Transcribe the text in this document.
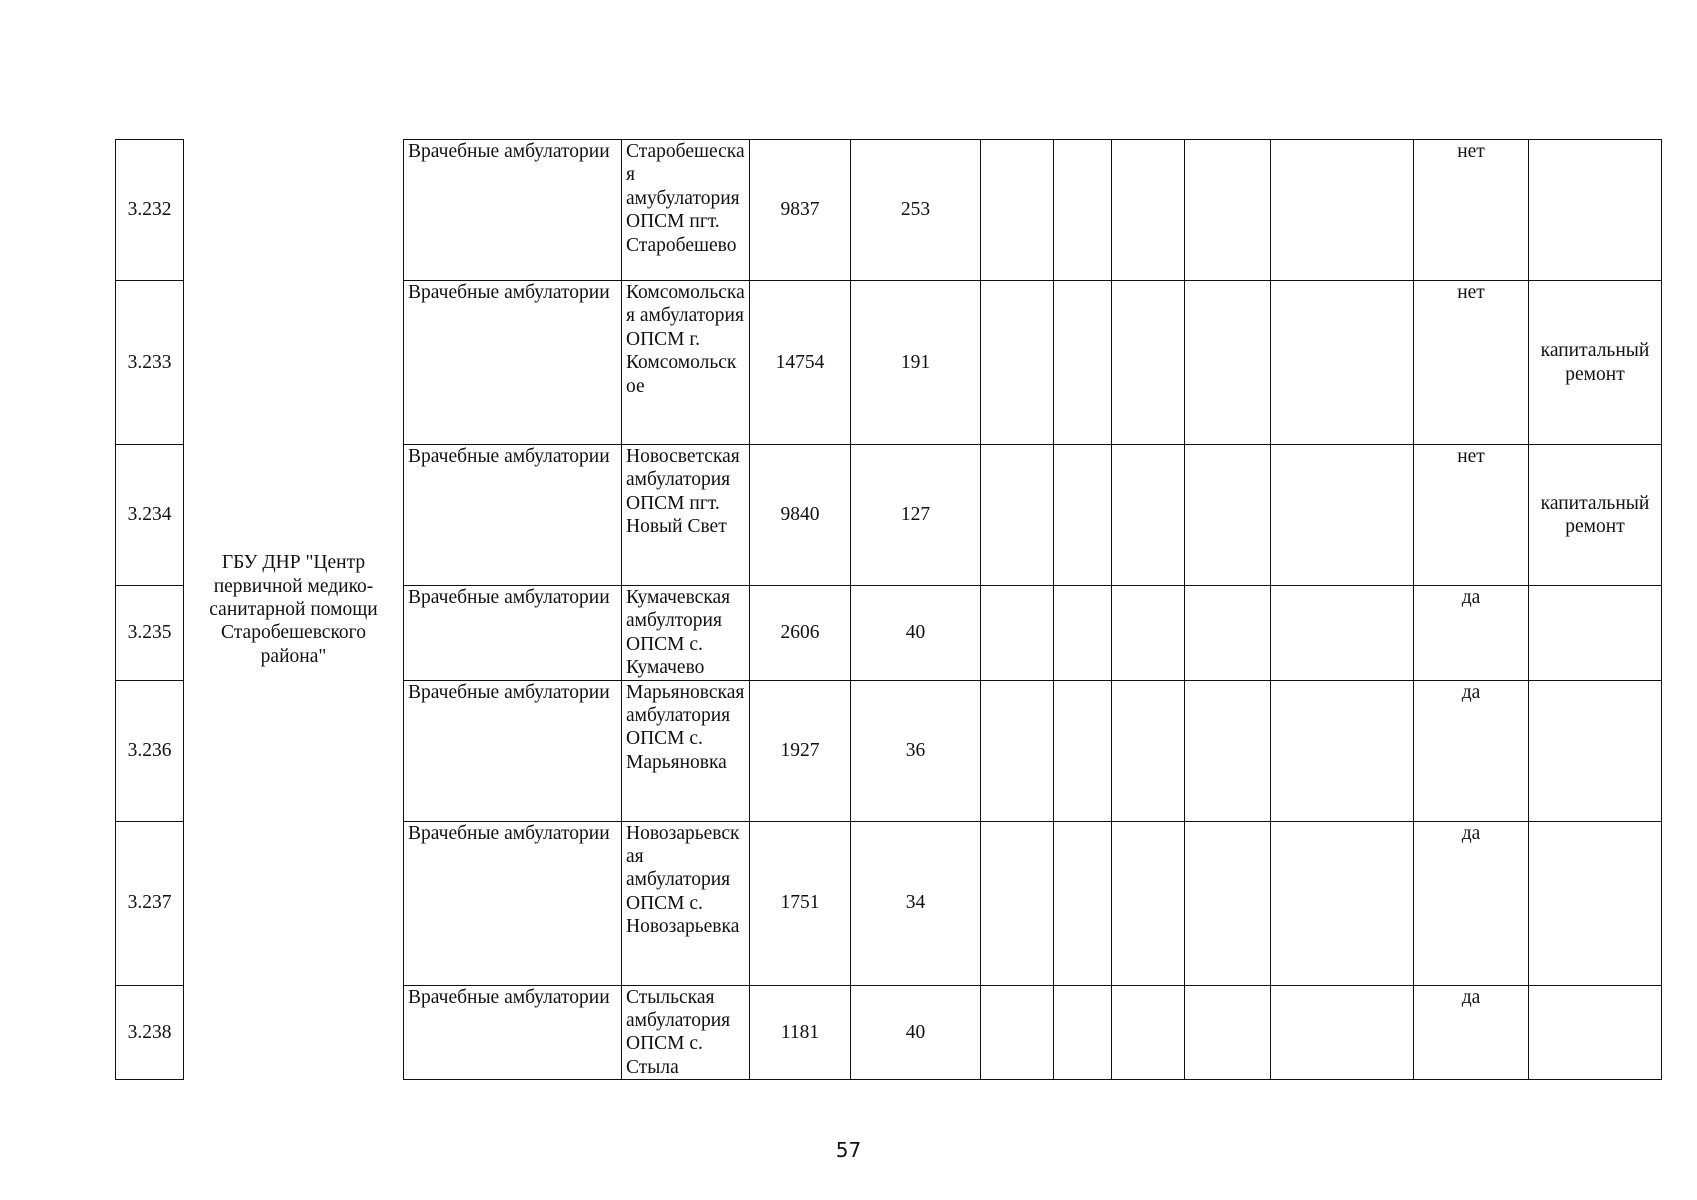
3.232	ГБУ ДНР "Центр первичной медико-санитарной помощи Старобешевского района"	Врачебные амбулатории	Старобешеская амубулатория ОПСМ пгт. Старобешево	9837	253						нет	
3.233		Врачебные амбулатории	Комсомольская амбулатория ОПСМ г. Комсомольское	14754	191						нет	капитальный ремонт
3.234		Врачебные амбулатории	Новосветская амбулатория ОПСМ пгт. Новый Свет	9840	127						нет	капитальный ремонт
3.235		Врачебные амбулатории	Кумачевская амбултория ОПСМ с. Кумачево	2606	40						да	
3.236		Врачебные амбулатории	Марьяновская амбулатория ОПСМ с. Марьяновка	1927	36						да	
3.237		Врачебные амбулатории	Новозарьевская амбулатория ОПСМ с. Новозарьевка	1751	34						да	
3.238		Врачебные амбулатории	Стыльская амбулатория ОПСМ с. Стыла	1181	40						да	
57
